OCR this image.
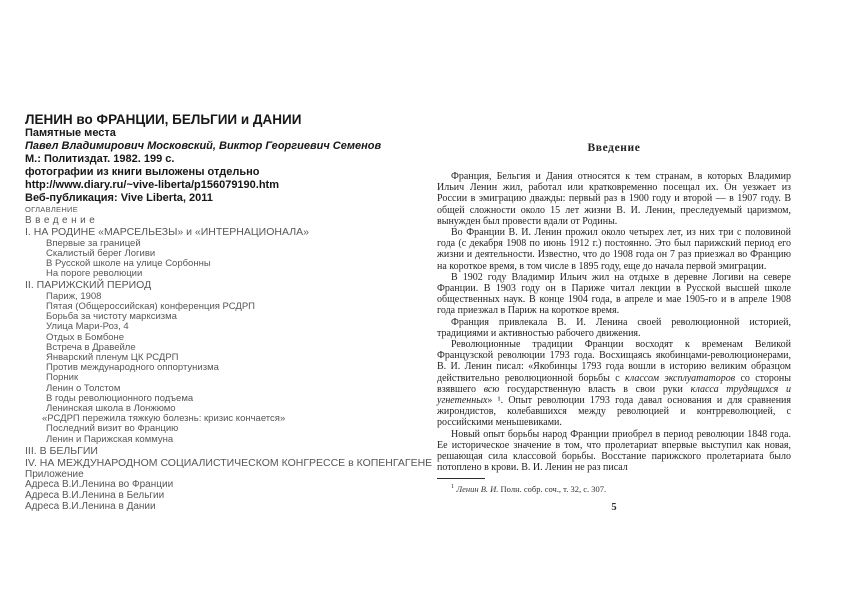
ЛЕНИН во ФРАНЦИИ, БЕЛЬГИИ и ДАНИИ
Памятные места
Павел Владимирович Московский, Виктор Георгиевич Семенов
М.: Политиздат. 1982. 199 с.
фотографии из книги выложены отдельно
http://www.diary.ru/~vive-liberta/p156079190.htm
Веб-публикация: Vive Liberta, 2011
ОГЛАВЛЕНИЕ
Введение
I. НА РОДИНЕ «МАРСЕЛЬЕЗЫ» и «ИНТЕРНАЦИОНАЛА»
Впервые за границей
Скалистый берег Логиви
В Русской школе на улице Сорбонны
На пороге революции
II. ПАРИЖСКИЙ ПЕРИОД
Париж, 1908
Пятая (Общероссийская) конференция РСДРП
Борьба за чистоту марксизма
Улица Мари-Роз, 4
Отдых в Бомбоне
Встреча в Дравейле
Январский пленум ЦК РСДРП
Против международного оппортунизма
Порник
Ленин о Толстом
В годы революционного подъема
Ленинская школа в Лонжюмо
«РСДРП пережила тяжкую болезнь: кризис кончается»
Последний визит во Францию
Ленин и Парижская коммуна
III. В БЕЛЬГИИ
IV. НА МЕЖДУНАРОДНОМ СОЦИАЛИСТИЧЕСКОМ КОНГРЕССЕ в КОПЕНГАГЕНЕ
Приложение
Адреса В.И.Ленина во Франции
Адреса В.И.Ленина в Бельгии
Адреса В.И.Ленина в Дании
Введение

Франция, Бельгия и Дания относятся к тем странам, в которых Владимир Ильич Ленин жил, работал или кратковременно посещал их. Он уезжает из России в эмиграцию дважды: первый раз в 1900 году и второй — в 1907 году. В общей сложности около 15 лет жизни В. И. Ленин, преследуемый царизмом, вынужден был провести вдали от Родины.

Во Франции В. И. Ленин прожил около четырех лет, из них три с половиной года (с декабря 1908 по июнь 1912 г.) постоянно. Это был парижский период его жизни и деятельности. Известно, что до 1908 года он 7 раз приезжал во Францию на короткое время, в том числе в 1895 году, еще до начала первой эмиграции.

В 1902 году Владимир Ильич жил на отдыхе в деревне Логиви на севере Франции. В 1903 году он в Париже читал лекции в Русской высшей школе общественных наук. В конце 1904 года, в апреле и мае 1905-го и в апреле 1908 года приезжал в Париж на короткое время.

Франция привлекала В. И. Ленина своей революционной историей, традициями и активностью рабочего движения.

Революционные традиции Франции восходят к временам Великой Французской революции 1793 года. Восхищаясь якобинцами-революционерами, В. И. Ленин писал: «Якобинцы 1793 года вошли в историю великим образцом действительно революционной борьбы с классом эксплуататоров со стороны взявшего всю государственную власть в свои руки класса трудящихся и угнетенных» ¹. Опыт революции 1793 года давал основания и для сравнения жирондистов, колебавшихся между революцией и контрреволюцией, с российскими меньшевиками.

Новый опыт борьбы народ Франции приобрел в период революции 1848 года. Ее историческое значение в том, что пролетариат впервые выступил как новая, решающая сила классовой борьбы. Восстание парижского пролетариата было потоплено в крови. В. И. Ленин не раз писал

$^1$ Ленин В. И. Полн. собр. соч., т. 32, с. 307.
5
